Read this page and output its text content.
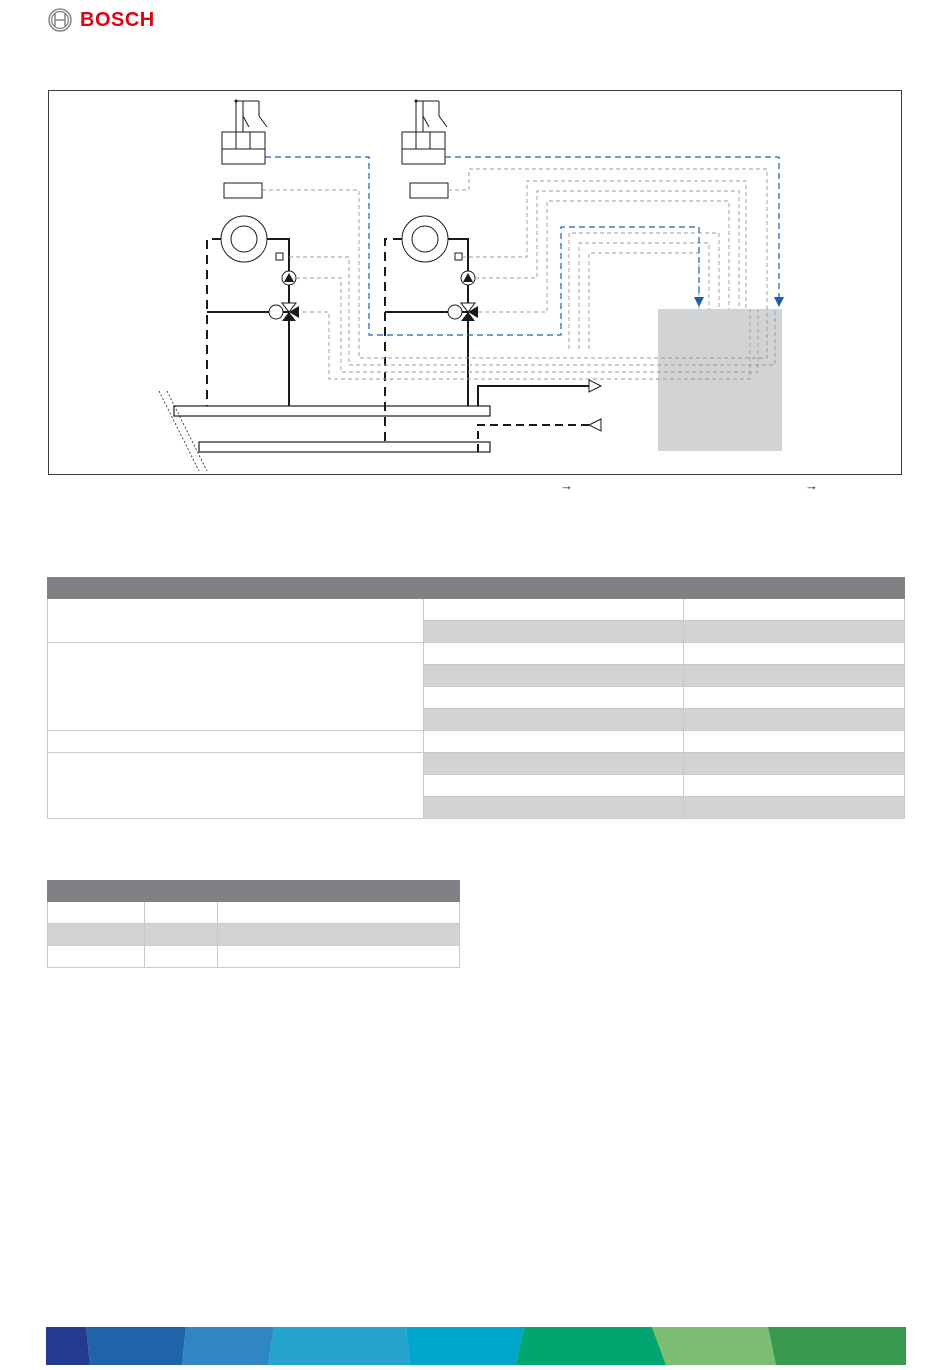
BOSCH
→	→
